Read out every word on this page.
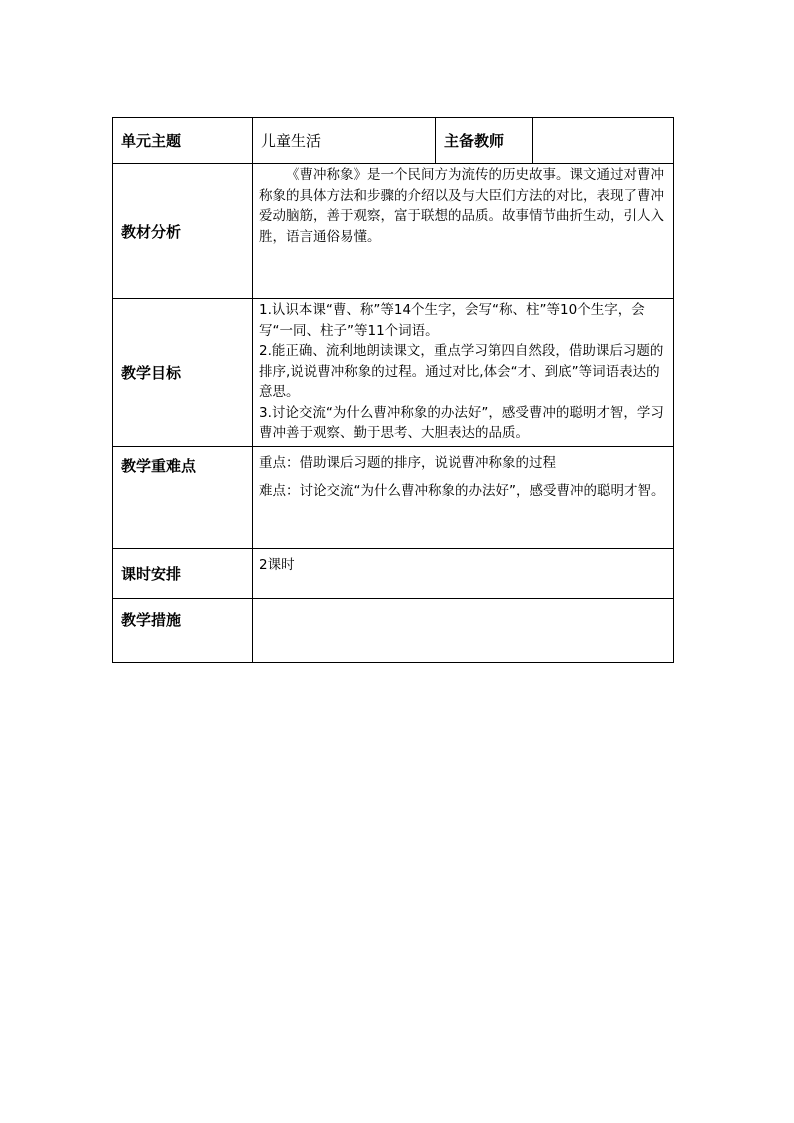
单元主题	儿童生活	主备教师	
教材分析	《曹冲称象》是一个民间方为流传的历史故事。课文通过对曹冲称象的具体方法和步骤的介绍以及与大臣们方法的对比，表现了曹冲爱动脑筋，善于观察，富于联想的品质。故事情节曲折生动，引人入胜，语言通俗易懂。		

教学目标	1.认识本课“曹、称”等14个生字，会写“称、柱”等10个生字，会写“一同、柱子”等11个词语。
2.能正确、流利地朗读课文，重点学习第四自然段，借助课后习题的排序,说说曹冲称象的过程。通过对比,体会“才、到底”等词语表达的意思。
3.讨论交流“为什么曹冲称象的办法好”，感受曹冲的聪明才智，学习曹冲善于观察、勤于思考、大胆表达的品质。		

教学重难点	重点：借助课后习题的排序，说说曹冲称象的过程

难点：讨论交流“为什么曹冲称象的办法好”，感受曹冲的聪明才智。		

课时安排	2课时		
教学措施			
